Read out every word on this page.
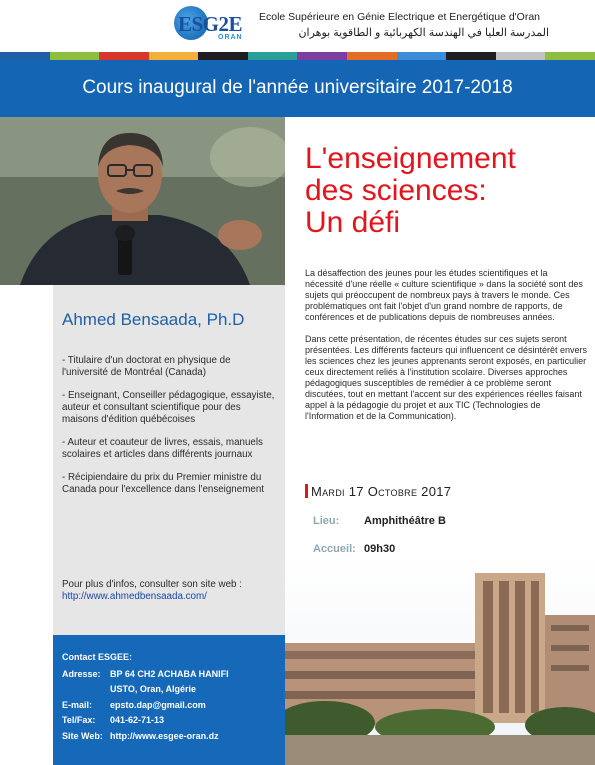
ESG2E
ORAN
Ecole Supérieure en Génie Electrique et Energétique d'Oran
المدرسة العليا في الهندسة الكهربائية و الطاقوية بوهران
Cours inaugural de l'année universitaire 2017-2018
Ahmed Bensaada, Ph.D

- Titulaire d'un doctorat en physique de l'université de Montréal (Canada)

- Enseignant, Conseiller pédagogique, essayiste, auteur et consultant scientifique pour des maisons d'édition québécoises

- Auteur et coauteur de livres, essais, manuels scolaires et articles dans différents journaux

- Récipiendaire du prix du Premier ministre du Canada pour l'excellence dans l'enseignement

Pour plus d'infos, consulter son site web :
http://www.ahmedbensaada.com/
Contact ESGEE:
Adresse: BP 64 CH2 ACHABA HANIFI
USTO, Oran, Algérie
E-mail: epsto.dap@gmail.com
Tel/Fax: 041-62-71-13
Site Web: http://www.esgee-oran.dz
L'enseignement
des sciences:
Un défi

La désaffection des jeunes pour les études scientifiques et la nécessité d'une réelle « culture scientifique » dans la société sont des sujets qui préoccupent de nombreux pays à travers le monde. Ces problématiques ont fait l'objet d'un grand nombre de rapports, de conférences et de publications depuis de nombreuses années.

Dans cette présentation, de récentes études sur ces sujets seront présentées. Les différents facteurs qui influencent ce désintérêt envers les sciences chez les jeunes apprenants seront exposés, en particulier ceux directement reliés à l'institution scolaire. Diverses approches pédagogiques susceptibles de remédier à ce problème seront discutées, tout en mettant l'accent sur des expériences réelles faisant appel à la pédagogie du projet et aux TIC (Technologies de l'Information et de la Communication).

Mardi 17 Octobre 2017
Lieu: Amphithéâtre B
Accueil: 09h30
